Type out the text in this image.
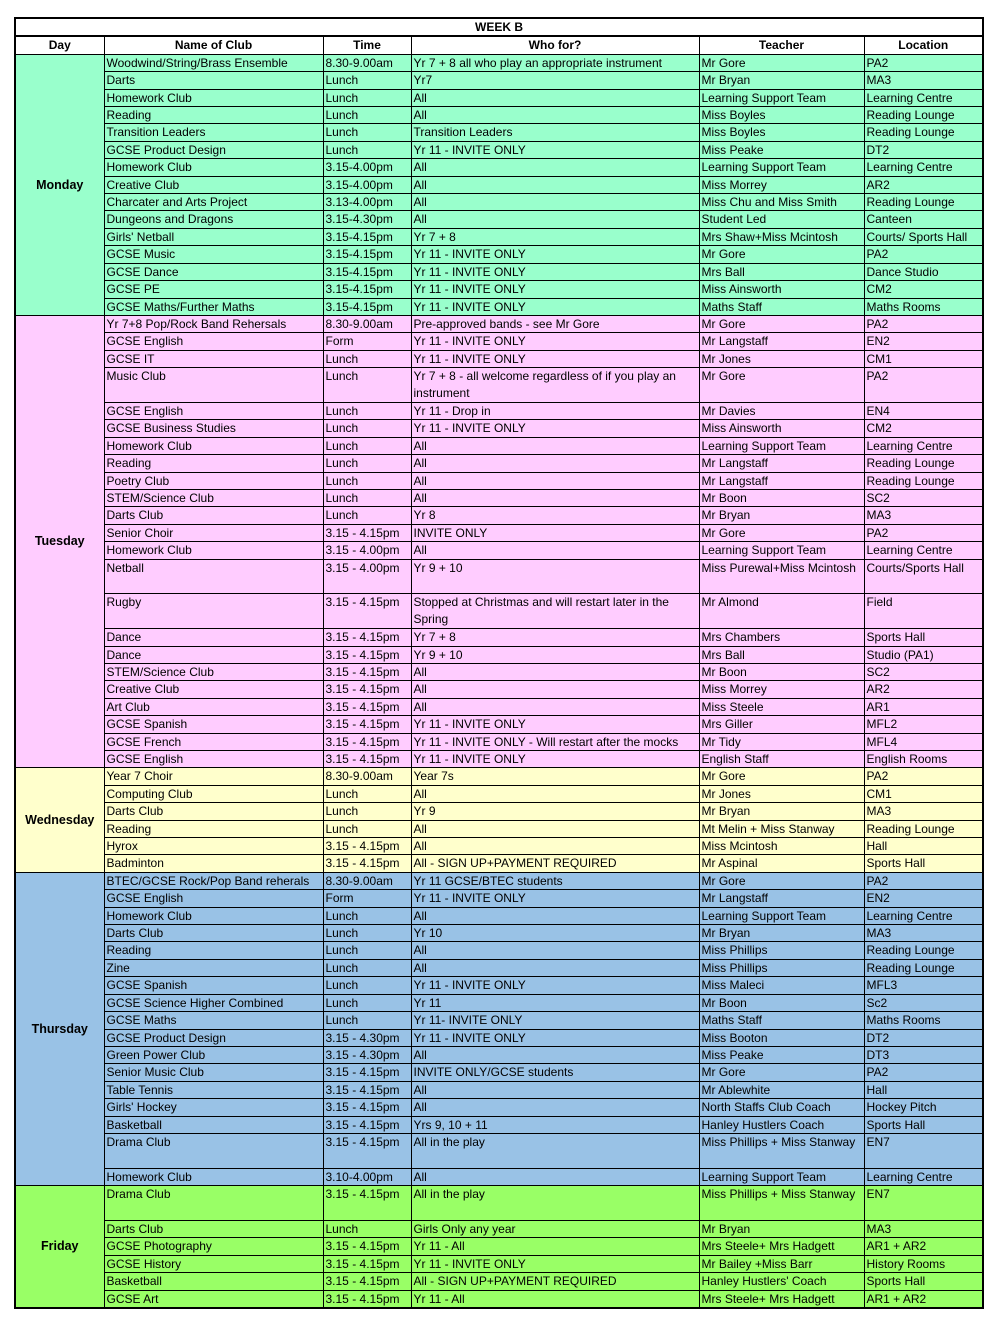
WEEK B					
Day	Name of Club	Time	Who for?	Teacher	Location
Monday	Woodwind/String/Brass Ensemble	8.30-9.00am	Yr 7 + 8 all who play an appropriate instrument	Mr Gore	PA2
	Darts	Lunch	Yr7	Mr Bryan	MA3
	Homework Club	Lunch	All	Learning Support Team	Learning Centre
	Reading	Lunch	All	Miss Boyles	Reading Lounge
	Transition Leaders	Lunch	Transition Leaders	Miss Boyles	Reading Lounge
	GCSE Product Design	Lunch	Yr 11 - INVITE ONLY	Miss Peake	DT2
	Homework Club	3.15-4.00pm	All	Learning Support Team	Learning Centre
	Creative Club	3.15-4.00pm	All	Miss Morrey	AR2
	Charcater and Arts Project	3.13-4.00pm	All	Miss Chu and Miss Smith	Reading Lounge
	Dungeons and Dragons	3.15-4.30pm	All	Student Led	Canteen
	Girls' Netball	3.15-4.15pm	Yr 7 + 8	Mrs Shaw+Miss Mcintosh	Courts/ Sports Hall
	GCSE Music	3.15-4.15pm	Yr 11 - INVITE ONLY	Mr Gore	PA2
	GCSE Dance	3.15-4.15pm	Yr 11 - INVITE ONLY	Mrs Ball	Dance Studio
	GCSE PE	3.15-4.15pm	Yr 11 - INVITE ONLY	Miss Ainsworth	CM2
	GCSE Maths/Further Maths	3.15-4.15pm	Yr 11 - INVITE ONLY	Maths Staff	Maths Rooms
Tuesday	Yr 7+8 Pop/Rock Band Rehersals	8.30-9.00am	Pre-approved bands - see Mr Gore	Mr Gore	PA2
	GCSE English	Form	Yr 11 - INVITE ONLY	Mr Langstaff	EN2
	GCSE IT	Lunch	Yr 11 - INVITE ONLY	Mr Jones	CM1
	Music Club	Lunch	Yr 7 + 8 - all welcome regardless of if you play an instrument	Mr Gore	PA2
	GCSE English	Lunch	Yr 11 - Drop in	Mr Davies	EN4
	GCSE Business Studies	Lunch	Yr 11 - INVITE ONLY	Miss Ainsworth	CM2
	Homework Club	Lunch	All	Learning Support Team	Learning Centre
	Reading	Lunch	All	Mr Langstaff	Reading Lounge
	Poetry Club	Lunch	All	Mr Langstaff	Reading Lounge
	STEM/Science Club	Lunch	All	Mr Boon	SC2
	Darts Club	Lunch	Yr 8	Mr Bryan	MA3
	Senior Choir	3.15 - 4.15pm	INVITE ONLY	Mr Gore	PA2
	Homework Club	3.15 - 4.00pm	All	Learning Support Team	Learning Centre
	Netball	3.15 - 4.00pm	Yr 9 + 10	Miss Purewal+Miss Mcintosh	Courts/Sports Hall
	Rugby	3.15 - 4.15pm	Stopped at Christmas and will restart later in the Spring	Mr Almond	Field
	Dance	3.15 - 4.15pm	Yr 7 + 8	Mrs Chambers	Sports Hall
	Dance	3.15 - 4.15pm	Yr 9 + 10	Mrs Ball	Studio (PA1)
	STEM/Science Club	3.15 - 4.15pm	All	Mr Boon	SC2
	Creative Club	3.15 - 4.15pm	All	Miss Morrey	AR2
	Art Club	3.15 - 4.15pm	All	Miss Steele	AR1
	GCSE Spanish	3.15 - 4.15pm	Yr 11 - INVITE ONLY	Mrs Giller	MFL2
	GCSE French	3.15 - 4.15pm	Yr 11 - INVITE ONLY - Will restart after the mocks	Mr Tidy	MFL4
	GCSE English	3.15 - 4.15pm	Yr 11 - INVITE ONLY	English Staff	English Rooms
Wednesday	Year 7 Choir	8.30-9.00am	Year 7s	Mr Gore	PA2
	Computing Club	Lunch	All	Mr Jones	CM1
	Darts Club	Lunch	Yr 9	Mr Bryan	MA3
	Reading	Lunch	All	Mt Melin + Miss Stanway	Reading Lounge
	Hyrox	3.15 - 4.15pm	All	Miss Mcintosh	Hall
	Badminton	3.15 - 4.15pm	All - SIGN UP+PAYMENT REQUIRED	Mr Aspinal	Sports Hall
Thursday	BTEC/GCSE Rock/Pop Band reherals	8.30-9.00am	Yr 11 GCSE/BTEC students	Mr Gore	PA2
	GCSE English	Form	Yr 11 - INVITE ONLY	Mr Langstaff	EN2
	Homework Club	Lunch	All	Learning Support Team	Learning Centre
	Darts Club	Lunch	Yr 10	Mr Bryan	MA3
	Reading	Lunch	All	Miss Phillips	Reading Lounge
	Zine	Lunch	All	Miss Phillips	Reading Lounge
	GCSE Spanish	Lunch	Yr 11 - INVITE ONLY	Miss Maleci	MFL3
	GCSE Science Higher Combined	Lunch	Yr 11	Mr Boon	Sc2
	GCSE Maths	Lunch	Yr 11- INVITE ONLY	Maths Staff	Maths Rooms
	GCSE Product Design	3.15 - 4.30pm	Yr 11 - INVITE ONLY	Miss Booton	DT2
	Green Power Club	3.15 - 4.30pm	All	Miss Peake	DT3
	Senior Music Club	3.15 - 4.15pm	INVITE ONLY/GCSE students	Mr Gore	PA2
	Table Tennis	3.15 - 4.15pm	All	Mr Ablewhite	Hall
	Girls' Hockey	3.15 - 4.15pm	All	North Staffs Club Coach	Hockey Pitch
	Basketball	3.15 - 4.15pm	Yrs 9, 10 + 11	Hanley Hustlers Coach	Sports Hall
	Drama Club	3.15 - 4.15pm	All in the play	Miss Phillips + Miss Stanway	EN7
	Homework Club	3.10-4.00pm	All	Learning Support Team	Learning Centre
Friday	Drama Club	3.15 - 4.15pm	All in the play	Miss Phillips + Miss Stanway	EN7
	Darts Club	Lunch	Girls Only any year	Mr Bryan	MA3
	GCSE Photography	3.15 - 4.15pm	Yr 11 - All	Mrs Steele+ Mrs Hadgett	AR1 + AR2
	GCSE History	3.15 - 4.15pm	Yr 11 - INVITE ONLY	Mr Bailey +Miss Barr	History Rooms
	Basketball	3.15 - 4.15pm	All - SIGN UP+PAYMENT REQUIRED	Hanley Hustlers' Coach	Sports Hall
	GCSE Art	3.15 - 4.15pm	Yr 11 - All	Mrs Steele+ Mrs Hadgett	AR1 + AR2
